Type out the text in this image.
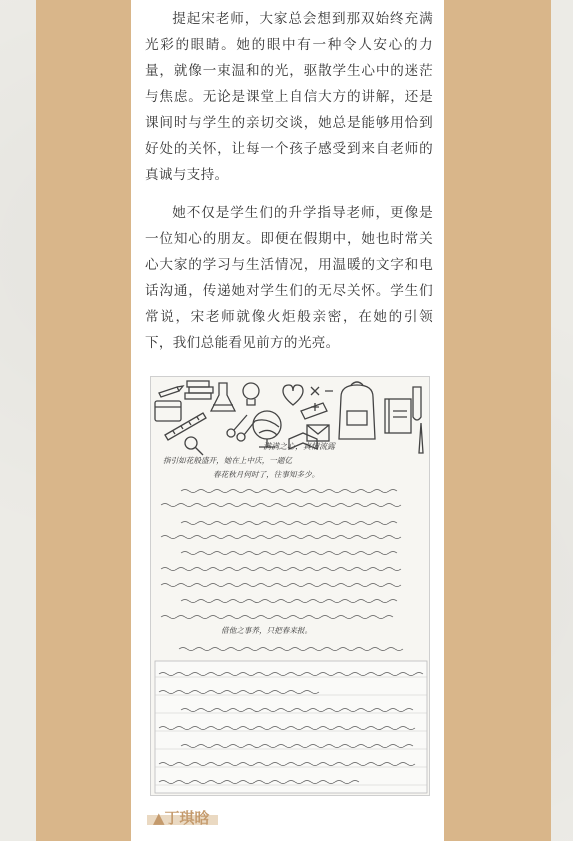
提起宋老师，大家总会想到那双始终充满光彩的眼睛。她的眼中有一种令人安心的力量，就像一束温和的光，驱散学生心中的迷茫与焦虑。无论是课堂上自信大方的讲解，还是课间时与学生的亲切交谈，她总是能够用恰到好处的关怀，让每一个孩子感受到来自老师的真诚与支持。

她不仅是学生们的升学指导老师，更像是一位知心的朋友。即便在假期中，她也时常关心大家的学习与生活情况，用温暖的文字和电话沟通，传递她对学生们的无尽关怀。学生们常说，宋老师就像火炬般亲密，在她的引领下，我们总能看见前方的光亮。

满满之心，真情流露
指引如花般盛开，她在上中庆，一题亿
春花秋月何时了，往事知多少。
借他之事养，只把春来报。
▲丁琪晗
